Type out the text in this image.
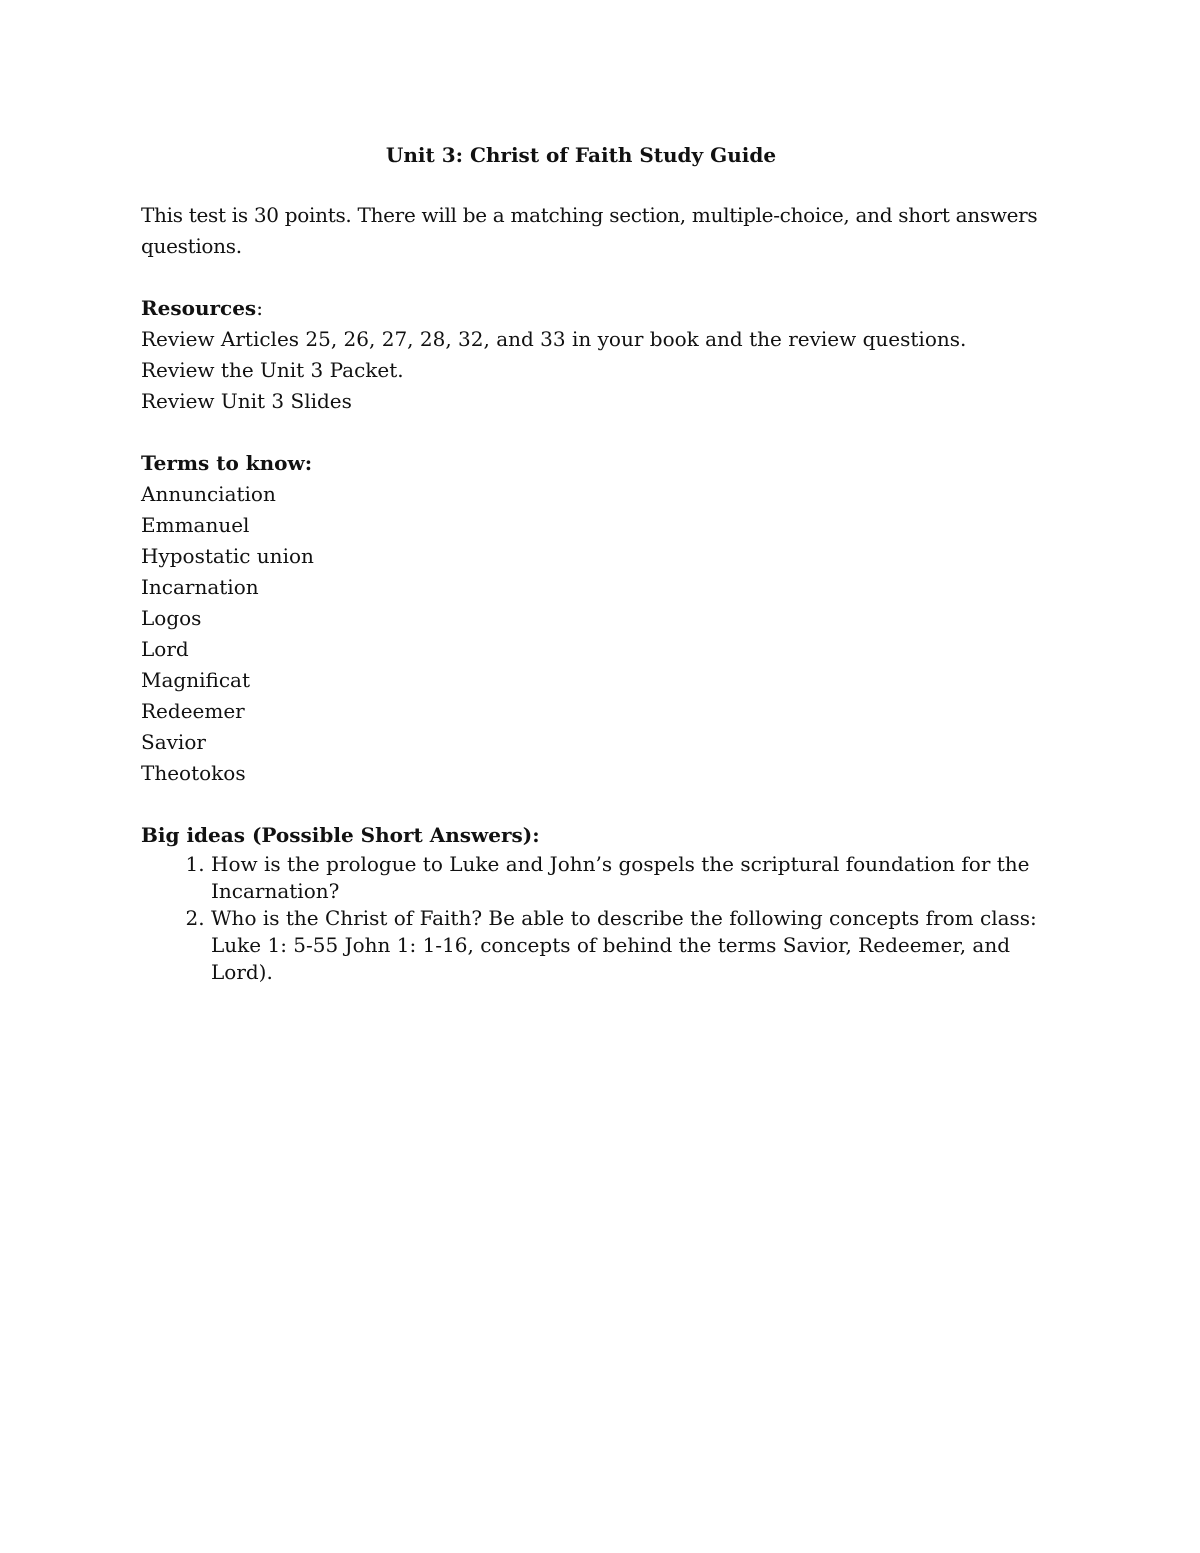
Unit 3: Christ of Faith Study Guide
This test is 30 points. There will be a matching section, multiple-choice, and short answers questions.
Resources:
Review Articles 25, 26, 27, 28, 32, and 33 in your book and the review questions.
Review the Unit 3 Packet.
Review Unit 3 Slides
Terms to know:
Annunciation
Emmanuel
Hypostatic union
Incarnation
Logos
Lord
Magnificat
Redeemer
Savior
Theotokos
Big ideas (Possible Short Answers):
1. How is the prologue to Luke and John’s gospels the scriptural foundation for the Incarnation?
2. Who is the Christ of Faith? Be able to describe the following concepts from class: Luke 1: 5-55 John 1: 1-16, concepts of behind the terms Savior, Redeemer, and Lord).
